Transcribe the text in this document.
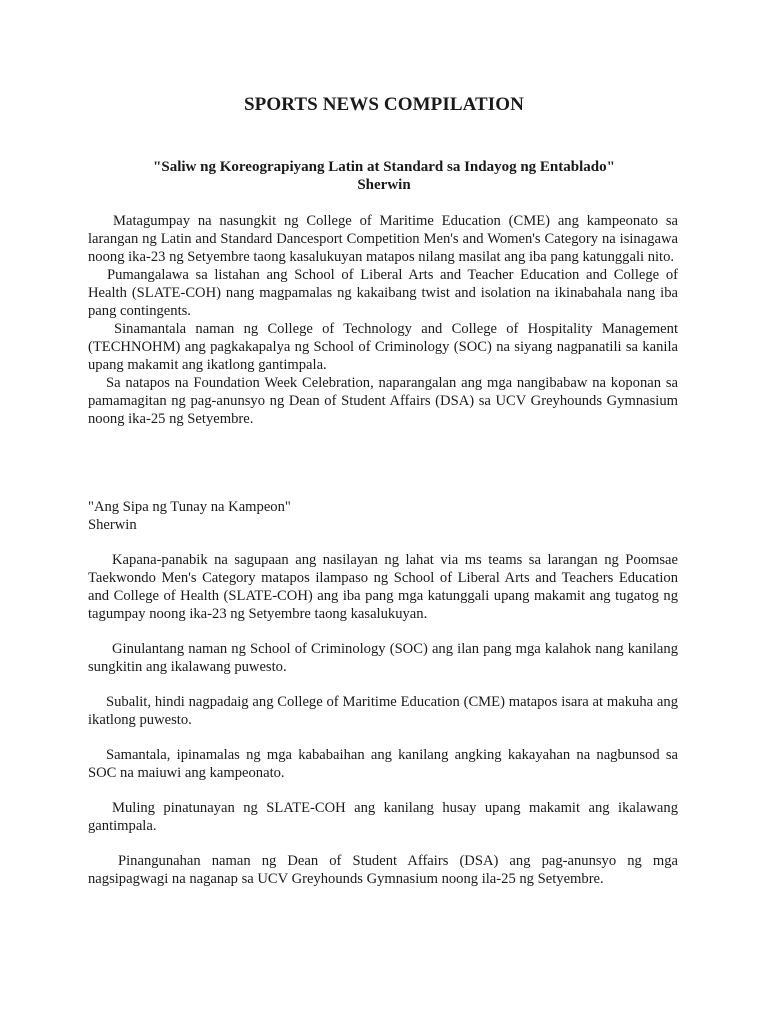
SPORTS NEWS COMPILATION
"Saliw ng Koreograpiyang Latin at Standard sa Indayog ng Entablado"
Sherwin

Matagumpay na nasungkit ng College of Maritime Education (CME) ang kampeonato sa larangan ng Latin and Standard Dancesport Competition Men's and Women's Category na isinagawa noong ika-23 ng Setyembre taong kasalukuyan matapos nilang masilat ang iba pang katunggali nito.

Pumangalawa sa listahan ang School of Liberal Arts and Teacher Education and College of Health (SLATE-COH) nang magpamalas ng kakaibang twist and isolation na ikinabahala nang iba pang contingents.

Sinamantala naman ng College of Technology and College of Hospitality Management (TECHNOHM) ang pagkakapalya ng School of Criminology (SOC) na siyang nagpanatili sa kanila upang makamit ang ikatlong gantimpala.

Sa natapos na Foundation Week Celebration, naparangalan ang mga nangibabaw na koponan sa pamamagitan ng pag-anunsyo ng Dean of Student Affairs (DSA) sa UCV Greyhounds Gymnasium noong ika-25 ng Setyembre.

"Ang Sipa ng Tunay na Kampeon"
Sherwin

Kapana-panabik na sagupaan ang nasilayan ng lahat via ms teams sa larangan ng Poomsae Taekwondo Men's Category matapos ilampaso ng School of Liberal Arts and Teachers Education and College of Health (SLATE-COH) ang iba pang mga katunggali upang makamit ang tugatog ng tagumpay noong ika-23 ng Setyembre taong kasalukuyan.

Ginulantang naman ng School of Criminology (SOC) ang ilan pang mga kalahok nang kanilang sungkitin ang ikalawang puwesto.

Subalit, hindi nagpadaig ang College of Maritime Education (CME) matapos isara at makuha ang ikatlong puwesto.

Samantala, ipinamalas ng mga kababaihan ang kanilang angking kakayahan na nagbunsod sa SOC na maiuwi ang kampeonato.

Muling pinatunayan ng SLATE-COH ang kanilang husay upang makamit ang ikalawang gantimpala.

Pinangunahan naman ng Dean of Student Affairs (DSA) ang pag-anunsyo ng mga nagsipagwagi na naganap sa UCV Greyhounds Gymnasium noong ila-25 ng Setyembre.
